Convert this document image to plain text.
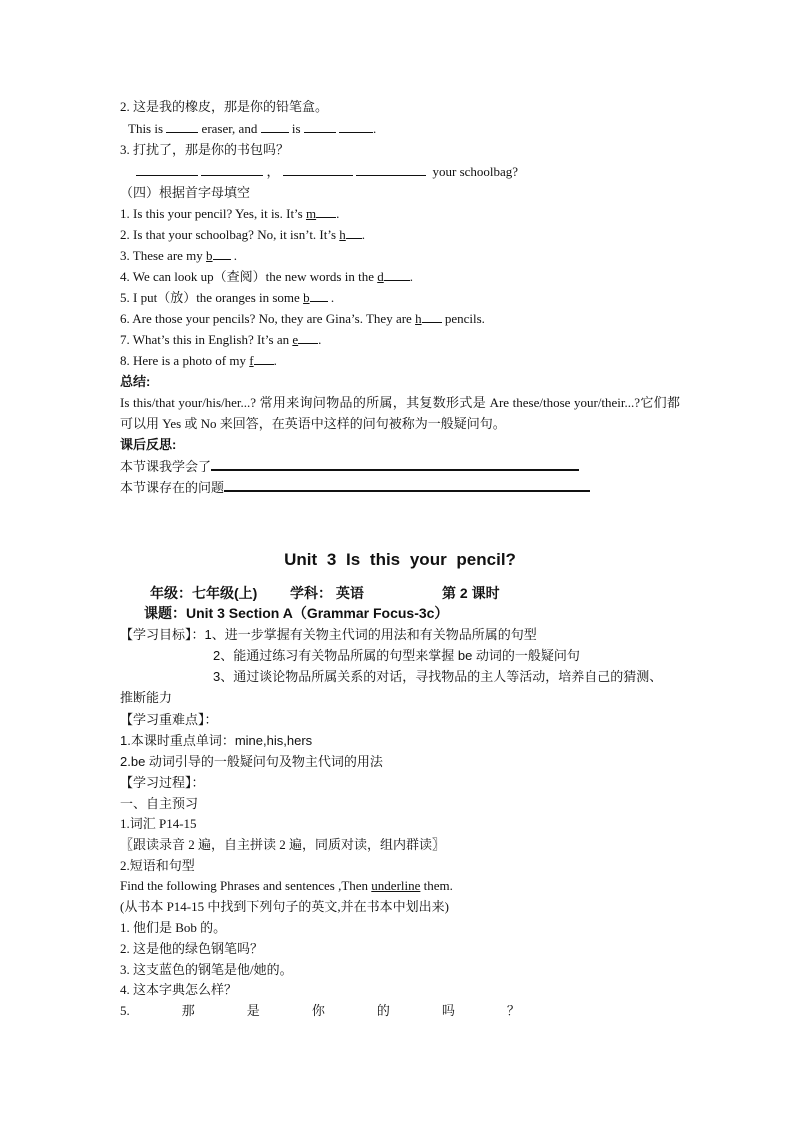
2. 这是我的橡皮，那是你的铅笔盒。
This is	eraser, and	is	.
3. 打扰了，那是你的书包吗？
，	your schoolbag?
（四）根据首字母填空
1. Is this your pencil? Yes, it is. It’s m .
2. Is that your schoolbag? No, it isn’t. It’s h .
3. These are my b .
4. We can look up（查阅）the new words in the d .
5. I put（放）the oranges in some b .
6. Are those your pencils? No, they are Gina’s. They are h pencils.
7. What’s this in English? It’s an e .
8. Here is a photo of my f .
总结:
Is this/that your/his/her...? 常用来询问物品的所属，其复数形式是 Are these/those your/their...?它们都可以用 Yes 或 No 来回答，在英语中这样的问句被称为一般疑问句。
课后反思:
本节课我学会了
本节课存在的问题
Unit 3 Is this your pencil?
年级：七年级(上) 学科： 英语	第 2 课时
课题：Unit 3 Section A（Grammar Focus-3c）
【学习目标】：1、进一步掌握有关物主代词的用法和有关物品所属的句型
2、能通过练习有关物品所属的句型来掌握 be 动词的一般疑问句
3、通过谈论物品所属关系的对话，寻找物品的主人等活动，培养自己的猜测、
推断能力
【学习重难点】：
1.本课时重点单词：mine,his,hers
2.be 动词引导的一般疑问句及物主代词的用法
【学习过程】：
一、自主预习
1.词汇 P14-15
〖跟读录音 2 遍，自主拼读 2 遍，同质对读，组内群读〗
2.短语和句型
Find the following Phrases and sentences ,Then underline them.
(从书本 P14-15 中找到下列句子的英文,并在书本中划出来)
1. 他们是 Bob 的。
2. 这是他的绿色钢笔吗？
3. 这支蓝色的钢笔是他/她的。
4. 这本字典怎么样？
5.	那	是	你	的	吗	？
